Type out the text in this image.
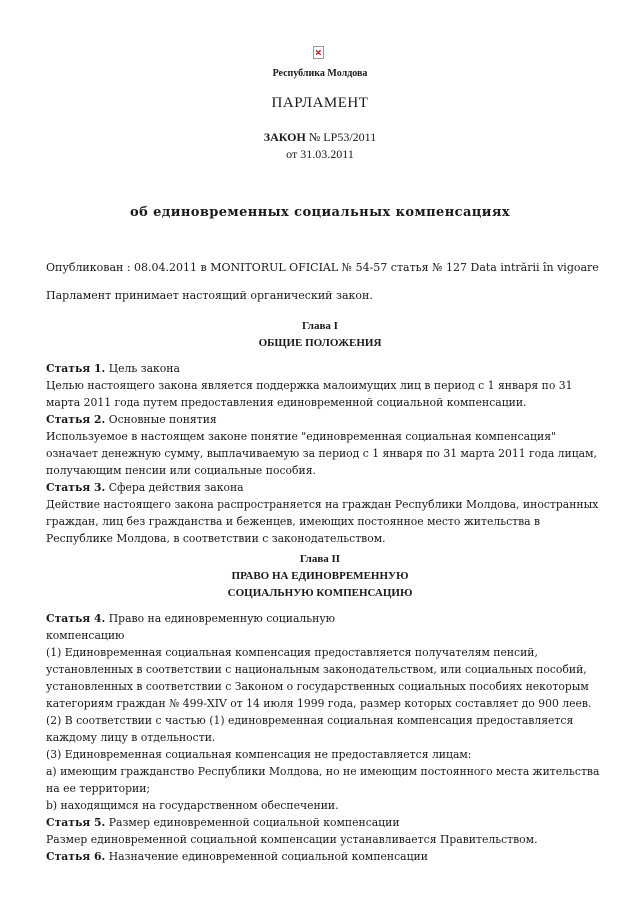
Республика Молдова
ПАРЛАМЕНТ
ЗАКОН № LP53/2011
от 31.03.2011
об единовременных социальных компенсациях
Опубликован : 08.04.2011 в MONITORUL OFICIAL № 54-57 статья № 127 Data intrării în vigoare
Парламент принимает настоящий органический закон.
Глава I
ОБЩИЕ ПОЛОЖЕНИЯ
Статья 1. Цель закона
Целью настоящего закона является поддержка малоимущих лиц в период с 1 января по 31
марта 2011 года путем предоставления единовременной социальной компенсации.
Статья 2. Основные понятия
Используемое в настоящем законе понятие "единовременная социальная компенсация"
означает денежную сумму, выплачиваемую за период с 1 января по 31 марта 2011 года лицам,
получающим пенсии или социальные пособия.
Статья 3. Сфера действия закона
Действие настоящего закона распространяется на граждан Республики Молдова, иностранных
граждан, лиц без гражданства и беженцев, имеющих постоянное место жительства в
Республике Молдова, в соответствии с законодательством.
Глава II
ПРАВО НА ЕДИНОВРЕМЕННУЮ
СОЦИАЛЬНУЮ КОМПЕНСАЦИЮ
Статья 4. Право на единовременную социальную
компенсацию
(1) Единовременная социальная компенсация предоставляется получателям пенсий,
установленных в соответствии с национальным законодательством, или социальных пособий,
установленных в соответствии с Законом о государственных социальных пособиях некоторым
категориям граждан № 499-XIV от 14 июля 1999 года, размер которых составляет до 900 леев.
(2) В соответствии с частью (1) единовременная социальная компенсация предоставляется
каждому лицу в отдельности.
(3) Единовременная социальная компенсация не предоставляется лицам:
a) имеющим гражданство Республики Молдова, но не имеющим постоянного места жительства
на ее территории;
b) находящимся на государственном обеспечении.
Статья 5. Размер единовременной социальной компенсации
Размер единовременной социальной компенсации устанавливается Правительством.
Статья 6. Назначение единовременной социальной компенсации
